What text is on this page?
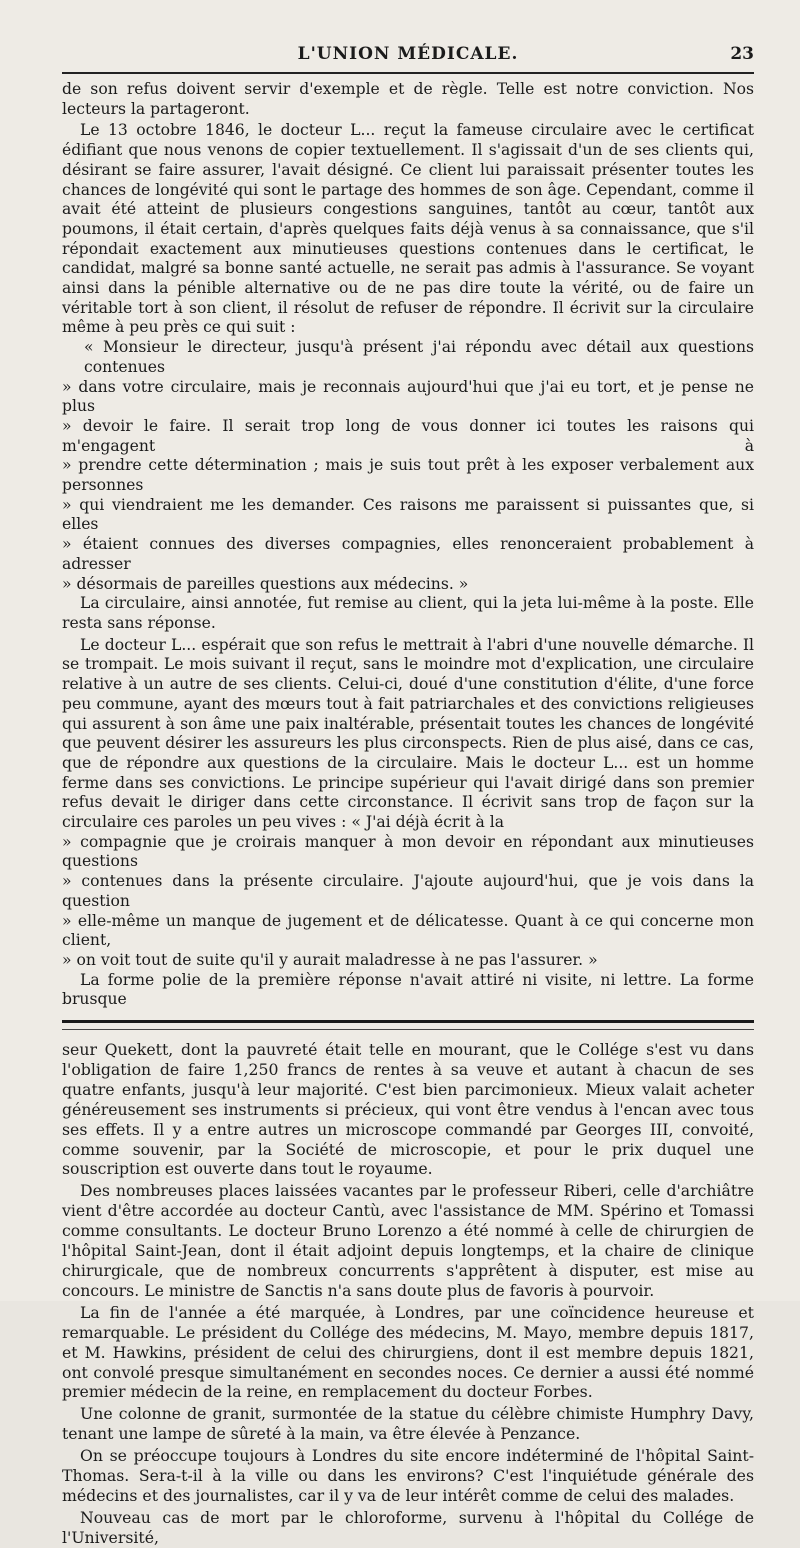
L'UNION MÉDICALE.	23

de son refus doivent servir d'exemple et de règle. Telle est notre conviction. Nos lecteurs la partageront.

Le 13 octobre 1846, le docteur L... reçut la fameuse circulaire avec le certificat édifiant que nous venons de copier textuellement. Il s'agissait d'un de ses clients qui, désirant se faire assurer, l'avait désigné. Ce client lui paraissait présenter toutes les chances de longévité qui sont le partage des hommes de son âge. Cependant, comme il avait été atteint de plusieurs congestions sanguines, tantôt au cœur, tantôt aux poumons, il était certain, d'après quelques faits déjà venus à sa connaissance, que s'il répondait exactement aux minutieuses questions contenues dans le certificat, le candidat, malgré sa bonne santé actuelle, ne serait pas admis à l'assurance. Se voyant ainsi dans la pénible alternative ou de ne pas dire toute la vérité, ou de faire un véritable tort à son client, il résolut de refuser de répondre. Il écrivit sur la circulaire même à peu près ce qui suit :

« Monsieur le directeur, jusqu'à présent j'ai répondu avec détail aux questions contenues
» dans votre circulaire, mais je reconnais aujourd'hui que j'ai eu tort, et je pense ne plus
» devoir le faire. Il serait trop long de vous donner ici toutes les raisons qui m'engagent à
» prendre cette détermination ; mais je suis tout prêt à les exposer verbalement aux personnes
» qui viendraient me les demander. Ces raisons me paraissent si puissantes que, si elles
» étaient connues des diverses compagnies, elles renonceraient probablement à adresser
» désormais de pareilles questions aux médecins. »

La circulaire, ainsi annotée, fut remise au client, qui la jeta lui-même à la poste. Elle resta sans réponse.

Le docteur L... espérait que son refus le mettrait à l'abri d'une nouvelle démarche. Il se trompait. Le mois suivant il reçut, sans le moindre mot d'explication, une circulaire relative à un autre de ses clients. Celui-ci, doué d'une constitution d'élite, d'une force peu commune, ayant des mœurs tout à fait patriarchales et des convictions religieuses qui assurent à son âme une paix inaltérable, présentait toutes les chances de longévité que peuvent désirer les assureurs les plus circonspects. Rien de plus aisé, dans ce cas, que de répondre aux questions de la circulaire. Mais le docteur L... est un homme ferme dans ses convictions. Le principe supérieur qui l'avait dirigé dans son premier refus devait le diriger dans cette circonstance. Il écrivit sans trop de façon sur la circulaire ces paroles un peu vives : « J'ai déjà écrit à la

» compagnie que je croirais manquer à mon devoir en répondant aux minutieuses questions
» contenues dans la présente circulaire. J'ajoute aujourd'hui, que je vois dans la question
» elle-même un manque de jugement et de délicatesse. Quant à ce qui concerne mon client,
» on voit tout de suite qu'il y aurait maladresse à ne pas l'assurer. »

La forme polie de la première réponse n'avait attiré ni visite, ni lettre. La forme brusque

seur Quekett, dont la pauvreté était telle en mourant, que le Collége s'est vu dans l'obligation de faire 1,250 francs de rentes à sa veuve et autant à chacun de ses quatre enfants, jusqu'à leur majorité. C'est bien parcimonieux. Mieux valait acheter généreusement ses instruments si précieux, qui vont être vendus à l'encan avec tous ses effets. Il y a entre autres un microscope commandé par Georges III, convoité, comme souvenir, par la Société de microscopie, et pour le prix duquel une souscription est ouverte dans tout le royaume.

Des nombreuses places laissées vacantes par le professeur Riberi, celle d'archiâtre vient d'être accordée au docteur Cantù, avec l'assistance de MM. Spérino et Tomassi comme consultants. Le docteur Bruno Lorenzo a été nommé à celle de chirurgien de l'hôpital Saint-Jean, dont il était adjoint depuis longtemps, et la chaire de clinique chirurgicale, que de nombreux concurrents s'apprêtent à disputer, est mise au concours. Le ministre de Sanctis n'a sans doute plus de favoris à pourvoir.

La fin de l'année a été marquée, à Londres, par une coïncidence heureuse et remarquable. Le président du Collége des médecins, M. Mayo, membre depuis 1817, et M. Hawkins, président de celui des chirurgiens, dont il est membre depuis 1821, ont convolé presque simultanément en secondes noces. Ce dernier a aussi été nommé premier médecin de la reine, en remplacement du docteur Forbes.

Une colonne de granit, surmontée de la statue du célèbre chimiste Humphry Davy, tenant une lampe de sûreté à la main, va être élevée à Penzance.

On se préoccupe toujours à Londres du site encore indéterminé de l'hôpital Saint-Thomas. Sera-t-il à la ville ou dans les environs? C'est l'inquiétude générale des médecins et des journalistes, car il y va de leur intérêt comme de celui des malades.

Nouveau cas de mort par le chloroforme, survenu à l'hôpital du Collége de l'Université,
